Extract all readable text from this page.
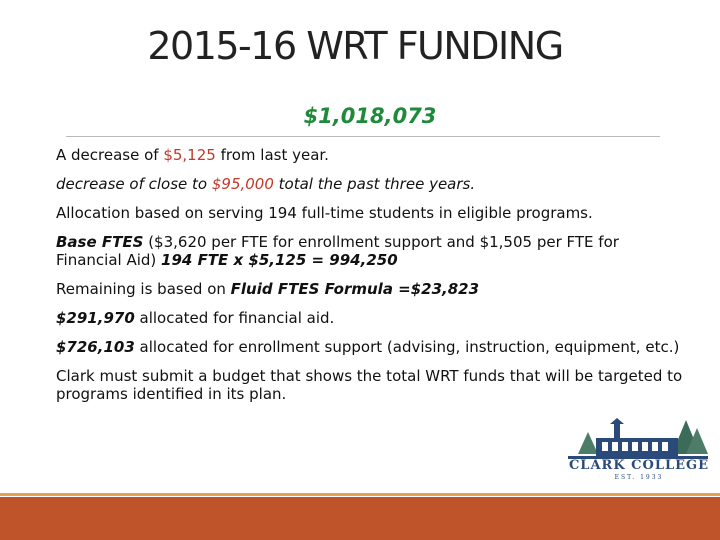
2015-16 WRT FUNDING
$1,018,073

A decrease of $5,125 from last year.

decrease of close to $95,000 total the past three years.

Allocation based on serving 194 full-time students in eligible programs.

Base FTES ($3,620 per FTE for enrollment support and $1,505 per FTE for Financial Aid) 194 FTE x $5,125 = 994,250

Remaining is based on Fluid FTES Formula =$23,823

$291,970 allocated for financial aid.

$726,103 allocated for enrollment support (advising, instruction, equipment, etc.)

Clark must submit a budget that shows the total WRT funds that will be targeted to programs identified in its plan.

CLARK COLLEGE
EST. 1933
